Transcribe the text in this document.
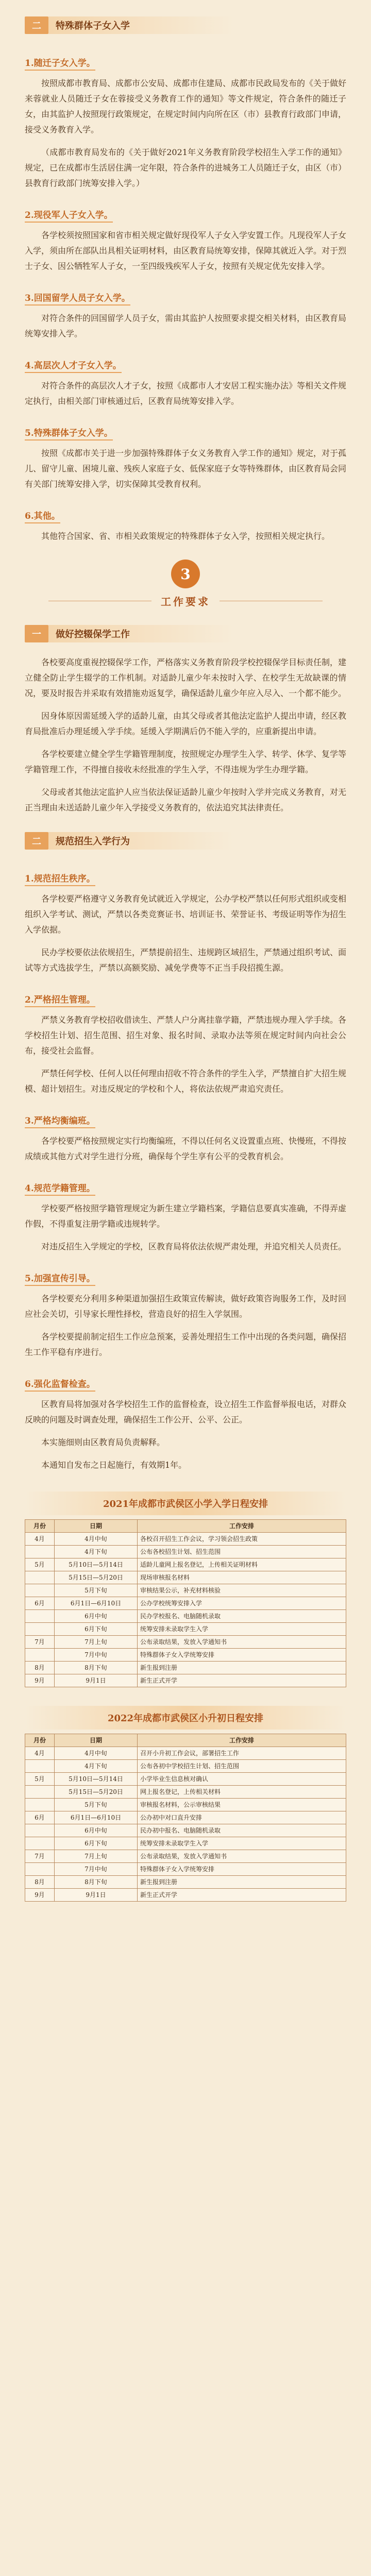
二	特殊群体子女入学
1.随迁子女入学。

按照成都市教育局、成都市公安局、成都市住建局、成都市民政局发布的《关于做好来蓉就业人员随迁子女在蓉接受义务教育工作的通知》等文件规定，符合条件的随迁子女，由其监护人按照现行政策规定，在规定时间内向所在区（市）县教育行政部门申请，接受义务教育入学。

（成都市教育局发布的《关于做好2021年义务教育阶段学校招生入学工作的通知》规定，已在成都市生活居住满一定年限，符合条件的进城务工人员随迁子女，由区（市）县教育行政部门统筹安排入学。）

2.现役军人子女入学。

各学校须按照国家和省市相关规定做好现役军人子女入学安置工作。凡现役军人子女入学，须由所在部队出具相关证明材料，由区教育局统筹安排，保障其就近入学。对于烈士子女、因公牺牲军人子女，一至四级残疾军人子女，按照有关规定优先安排入学。

3.回国留学人员子女入学。

对符合条件的回国留学人员子女，需由其监护人按照要求提交相关材料，由区教育局统筹安排入学。

4.高层次人才子女入学。

对符合条件的高层次人才子女，按照《成都市人才安居工程实施办法》等相关文件规定执行，由相关部门审核通过后，区教育局统筹安排入学。

5.特殊群体子女入学。

按照《成都市关于进一步加强特殊群体子女义务教育入学工作的通知》规定，对于孤儿、留守儿童、困境儿童、残疾人家庭子女、低保家庭子女等特殊群体，由区教育局会同有关部门统筹安排入学，切实保障其受教育权利。

6.其他。

其他符合国家、省、市相关政策规定的特殊群体子女入学，按照相关规定执行。

3
工作要求
一	做好控辍保学工作

各校要高度重视控辍保学工作，严格落实义务教育阶段学校控辍保学目标责任制，建立健全防止学生辍学的工作机制。对适龄儿童少年未按时入学、在校学生无故缺课的情况，要及时报告并采取有效措施劝返复学，确保适龄儿童少年应入尽入、一个都不能少。

因身体原因需延缓入学的适龄儿童，由其父母或者其他法定监护人提出申请，经区教育局批准后办理延缓入学手续。延缓入学期满后仍不能入学的，应重新提出申请。

各学校要建立健全学生学籍管理制度，按照规定办理学生入学、转学、休学、复学等学籍管理工作，不得擅自接收未经批准的学生入学，不得违规为学生办理学籍。

父母或者其他法定监护人应当依法保证适龄儿童少年按时入学并完成义务教育，对无正当理由未送适龄儿童少年入学接受义务教育的，依法追究其法律责任。

二	规范招生入学行为
1.规范招生秩序。

各学校要严格遵守义务教育免试就近入学规定，公办学校严禁以任何形式组织或变相组织入学考试、测试，严禁以各类竞赛证书、培训证书、荣誉证书、考级证明等作为招生入学依据。

民办学校要依法依规招生，严禁提前招生、违规跨区域招生，严禁通过组织考试、面试等方式选拔学生，严禁以高额奖励、减免学费等不正当手段招揽生源。

2.严格招生管理。

严禁义务教育学校招收借读生、严禁人户分离挂靠学籍，严禁违规办理入学手续。各学校招生计划、招生范围、招生对象、报名时间、录取办法等须在规定时间内向社会公布，接受社会监督。

严禁任何学校、任何人以任何理由招收不符合条件的学生入学，严禁擅自扩大招生规模、超计划招生。对违反规定的学校和个人，将依法依规严肃追究责任。

3.严格均衡编班。

各学校要严格按照规定实行均衡编班，不得以任何名义设置重点班、快慢班，不得按成绩或其他方式对学生进行分班，确保每个学生享有公平的受教育机会。

4.规范学籍管理。

学校要严格按照学籍管理规定为新生建立学籍档案，学籍信息要真实准确，不得弄虚作假，不得重复注册学籍或违规转学。

对违反招生入学规定的学校，区教育局将依法依规严肃处理，并追究相关人员责任。

5.加强宣传引导。

各学校要充分利用多种渠道加强招生政策宣传解读，做好政策咨询服务工作，及时回应社会关切，引导家长理性择校，营造良好的招生入学氛围。

各学校要提前制定招生工作应急预案，妥善处理招生工作中出现的各类问题，确保招生工作平稳有序进行。

6.强化监督检查。

区教育局将加强对各学校招生工作的监督检查，设立招生工作监督举报电话，对群众反映的问题及时调查处理，确保招生工作公开、公平、公正。

本实施细则由区教育局负责解释。

本通知自发布之日起施行，有效期1年。

2021年成都市武侯区小学入学日程安排
月份	日期	工作安排
4月	4月中旬	各校召开招生工作会议，学习领会招生政策
	4月下旬	公布各校招生计划、招生范围
5月	5月10日—5月14日	适龄儿童网上报名登记，上传相关证明材料
	5月15日—5月20日	现场审核报名材料
	5月下旬	审核结果公示，补充材料核验
6月	6月1日—6月10日	公办学校统筹安排入学
	6月中旬	民办学校报名、电脑随机录取
	6月下旬	统筹安排未录取学生入学
7月	7月上旬	公布录取结果，发放入学通知书
	7月中旬	特殊群体子女入学统筹安排
8月	8月下旬	新生报到注册
9月	9月1日	新生正式开学
2022年成都市武侯区小升初日程安排
月份	日期	工作安排
4月	4月中旬	召开小升初工作会议，部署招生工作
	4月下旬	公布各初中学校招生计划、招生范围
5月	5月10日—5月14日	小学毕业生信息核对确认
	5月15日—5月20日	网上报名登记，上传相关材料
	5月下旬	审核报名材料，公示审核结果
6月	6月1日—6月10日	公办初中对口直升安排
	6月中旬	民办初中报名、电脑随机录取
	6月下旬	统筹安排未录取学生入学
7月	7月上旬	公布录取结果，发放入学通知书
	7月中旬	特殊群体子女入学统筹安排
8月	8月下旬	新生报到注册
9月	9月1日	新生正式开学
